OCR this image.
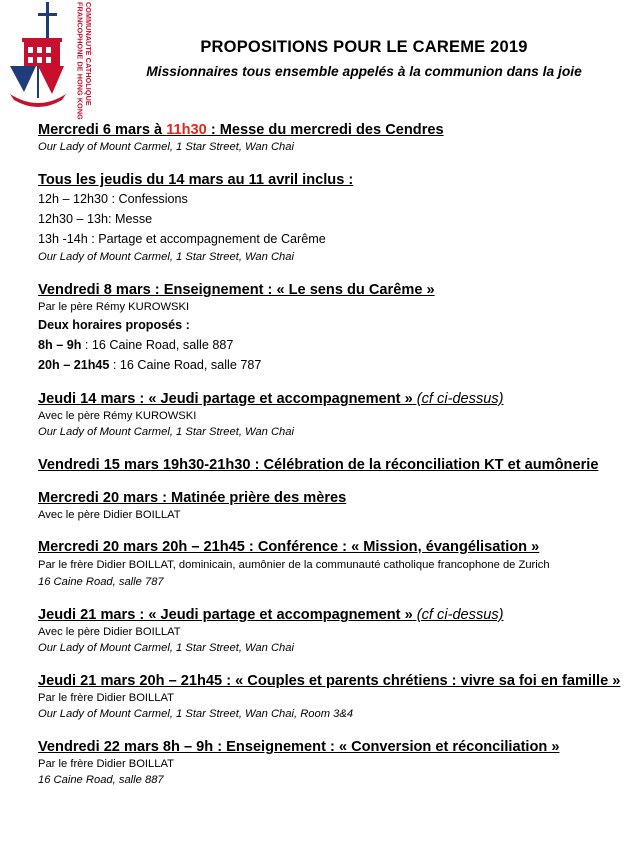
COMMUNAUTÉ CATHOLIQUE
FRANCOPHONE DE HONG KONG	PROPOSITIONS POUR LE CAREME 2019
Missionnaires tous ensemble appelés à la communion dans la joie
Mercredi 6 mars à 11h30 : Messe du mercredi des Cendres
Our Lady of Mount Carmel, 1 Star Street, Wan Chai
Tous les jeudis du 14 mars au 11 avril inclus :
12h – 12h30 : Confessions
12h30 – 13h: Messe
13h -14h : Partage et accompagnement de Carême
Our Lady of Mount Carmel, 1 Star Street, Wan Chai
Vendredi 8 mars : Enseignement : « Le sens du Carême »
Par le père Rémy KUROWSKI
Deux horaires proposés :
8h – 9h : 16 Caine Road, salle 887
20h – 21h45 : 16 Caine Road, salle 787
Jeudi 14 mars : « Jeudi partage et accompagnement » (cf ci-dessus)
Avec le père Rémy KUROWSKI
Our Lady of Mount Carmel, 1 Star Street, Wan Chai
Vendredi 15 mars 19h30-21h30 : Célébration de la réconciliation KT et aumônerie
Mercredi 20 mars : Matinée prière des mères
Avec le père Didier BOILLAT
Mercredi 20 mars 20h – 21h45 : Conférence : « Mission, évangélisation »
Par le frère Didier BOILLAT, dominicain, aumônier de la communauté catholique francophone de Zurich
16 Caine Road, salle 787
Jeudi 21 mars : « Jeudi partage et accompagnement » (cf ci-dessus)
Avec le père Didier BOILLAT
Our Lady of Mount Carmel, 1 Star Street, Wan Chai
Jeudi 21 mars 20h – 21h45 : « Couples et parents chrétiens : vivre sa foi en famille »
Par le frère Didier BOILLAT
Our Lady of Mount Carmel, 1 Star Street, Wan Chai, Room 3&4
Vendredi 22 mars 8h – 9h : Enseignement : « Conversion et réconciliation »
Par le frère Didier BOILLAT
16 Caine Road, salle 887
